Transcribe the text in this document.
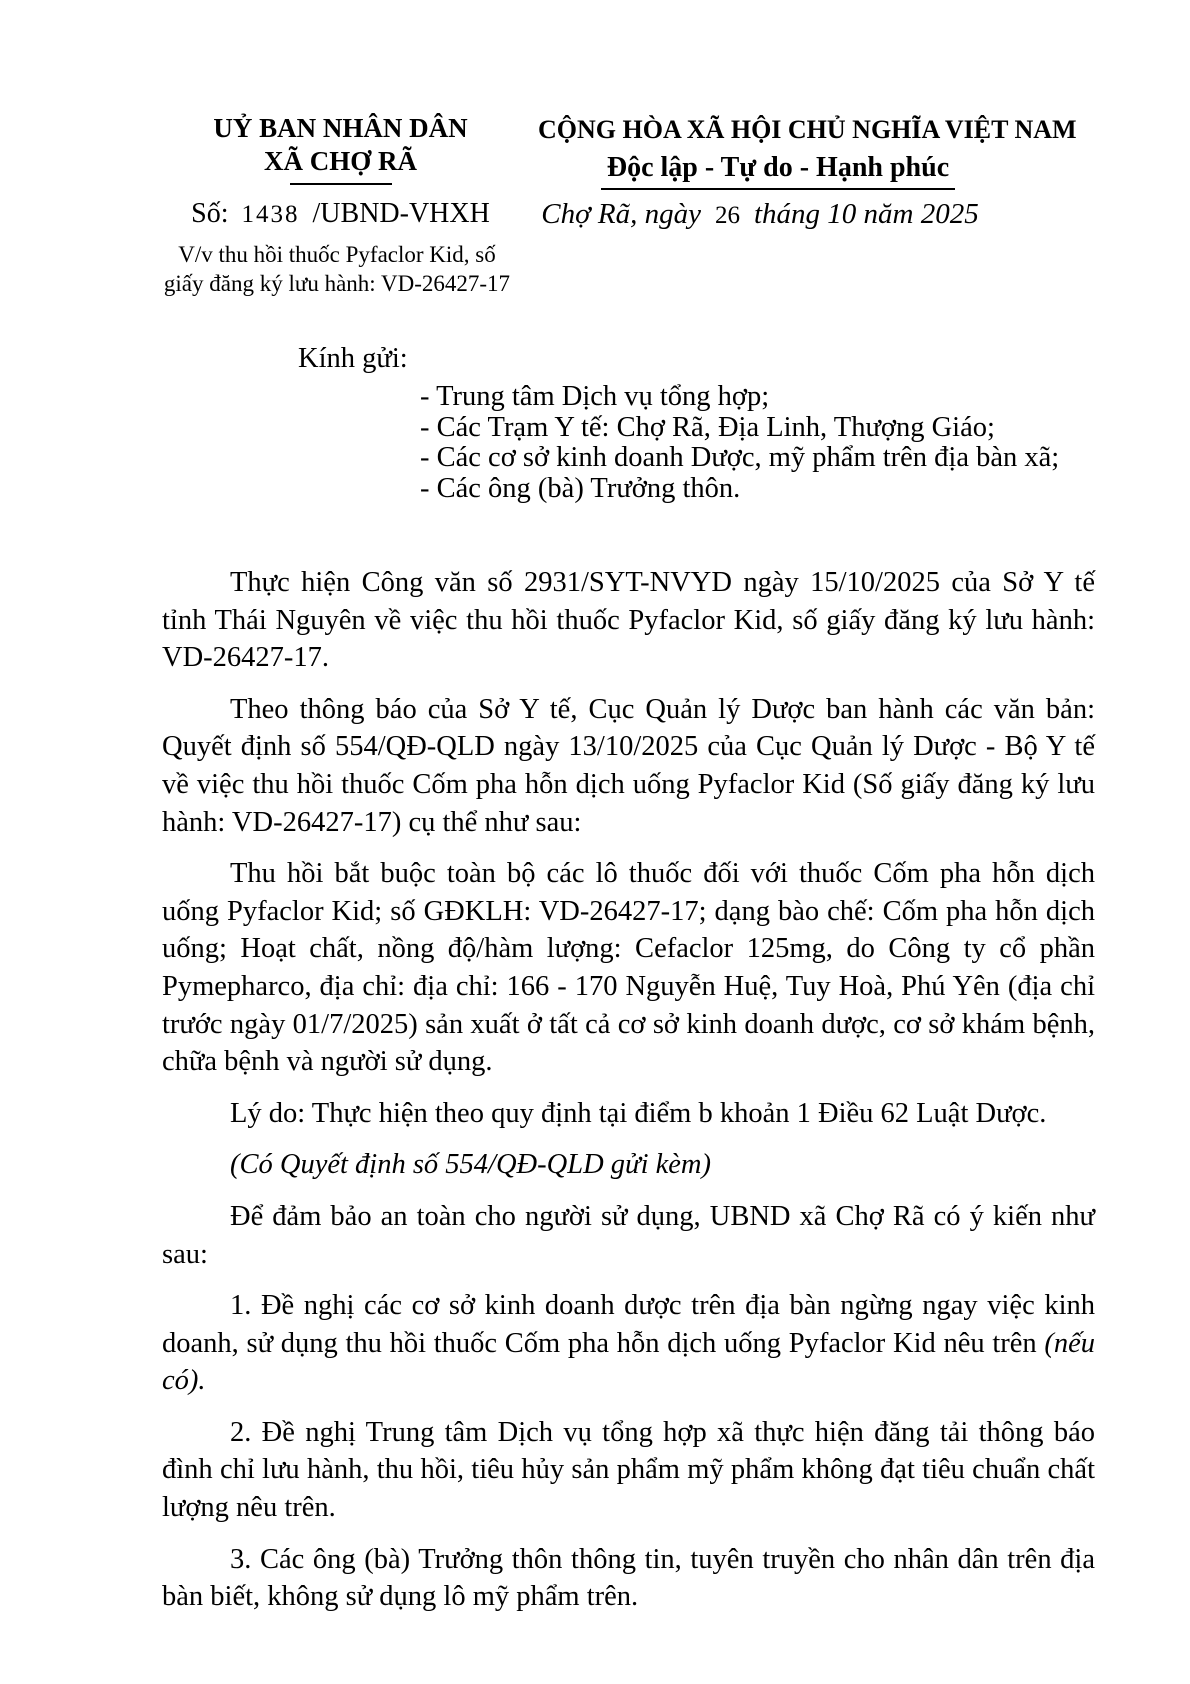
UỶ BAN NHÂN DÂN
XÃ CHỢ RÃ
Số: 1438 /UBND-VHXH
V/v thu hồi thuốc Pyfaclor Kid, số
giấy đăng ký lưu hành: VD-26427-17
CỘNG HÒA XÃ HỘI CHỦ NGHĨA VIỆT NAM
Độc lập - Tự do - Hạnh phúc
Chợ Rã, ngày 26 tháng 10 năm 2025
Kính gửi:
- Trung tâm Dịch vụ tổng hợp;
- Các Trạm Y tế: Chợ Rã, Địa Linh, Thượng Giáo;
- Các cơ sở kinh doanh Dược, mỹ phẩm trên địa bàn xã;
- Các ông (bà) Trưởng thôn.

Thực hiện Công văn số 2931/SYT-NVYD ngày 15/10/2025 của Sở Y tế tỉnh Thái Nguyên về việc thu hồi thuốc Pyfaclor Kid, số giấy đăng ký lưu hành: VD-26427-17.

Theo thông báo của Sở Y tế, Cục Quản lý Dược ban hành các văn bản: Quyết định số 554/QĐ-QLD ngày 13/10/2025 của Cục Quản lý Dược - Bộ Y tế về việc thu hồi thuốc Cốm pha hỗn dịch uống Pyfaclor Kid (Số giấy đăng ký lưu hành: VD-26427-17) cụ thể như sau:

Thu hồi bắt buộc toàn bộ các lô thuốc đối với thuốc Cốm pha hỗn dịch uống Pyfaclor Kid; số GĐKLH: VD-26427-17; dạng bào chế: Cốm pha hỗn dịch uống; Hoạt chất, nồng độ/hàm lượng: Cefaclor 125mg, do Công ty cổ phần Pymepharco, địa chỉ: địa chỉ: 166 - 170 Nguyễn Huệ, Tuy Hoà, Phú Yên (địa chỉ trước ngày 01/7/2025) sản xuất ở tất cả cơ sở kinh doanh dược, cơ sở khám bệnh, chữa bệnh và người sử dụng.

Lý do: Thực hiện theo quy định tại điểm b khoản 1 Điều 62 Luật Dược.

(Có Quyết định số 554/QĐ-QLD gửi kèm)

Để đảm bảo an toàn cho người sử dụng, UBND xã Chợ Rã có ý kiến như sau:

1. Đề nghị các cơ sở kinh doanh dược trên địa bàn ngừng ngay việc kinh doanh, sử dụng thu hồi thuốc Cốm pha hỗn dịch uống Pyfaclor Kid nêu trên (nếu có).

2. Đề nghị Trung tâm Dịch vụ tổng hợp xã thực hiện đăng tải thông báo đình chỉ lưu hành, thu hồi, tiêu hủy sản phẩm mỹ phẩm không đạt tiêu chuẩn chất lượng nêu trên.

3. Các ông (bà) Trưởng thôn thông tin, tuyên truyền cho nhân dân trên địa bàn biết, không sử dụng lô mỹ phẩm trên.
